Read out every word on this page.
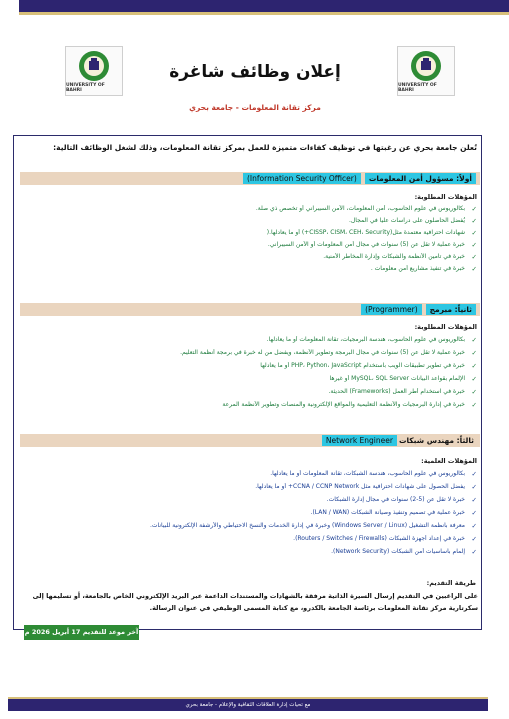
UNIVERSITY OF BAHRI
UNIVERSITY OF BAHRI
إعلان وظائف شاغرة
مركز تقانة المعلومات - جامعة بحري
تُعلن جامعة بحري عن رغبتها في توظيف كفاءات متميزة للعمل بمركز تقانة المعلومات، وذلك لشغل الوظائف التالية:
أولاً: مسؤول أمن المعلومات
(Information Security Officer)
المؤهلات المطلوبة:
✓
بكالوريوس في علوم الحاسوب، أمن المعلومات، الأمن السيبراني أو تخصص ذي صلة.
✓
يُفضل الحاصلون على دراسات عليا في المجال.
✓
شهادات احترافية معتمدة مثل(CISSP، CISM، CEH، Security+) أو ما يعادلها.(
✓
خبرة عملية لا تقل عن (5) سنوات في مجال أمن المعلومات أو الأمن السيبراني.
✓
خبرة في تأمين الأنظمة والشبكات وإدارة المخاطر الأمنية.
✓
خبرة في تنفيذ مشاريع أمن معلومات .
ثانياً: مبرمج
(Programmer)
المؤهلات المطلوبة:
✓
بكالوريوس في علوم الحاسوب، هندسة البرمجيات، تقانة المعلومات أو ما يعادلها.
✓
خبرة عملية لا تقل عن (5) سنوات في مجال البرمجة وتطوير الأنظمة، ويفضل من له خبرة في برمجة أنظمة التعليم.
✓
خبرة في تطوير تطبيقات الويب باستخدام PHP، Python، JavaScript أو ما يعادلها
✓
الإلمام بقواعد البيانات MySQL، SQL Server أو غيرها
✓
خبرة في استخدام أطر العمل (Frameworks) الحديثة.
✓
خبرة في إدارة البرمجيات والأنظمة التعليمية والمواقع الإلكترونية والمنصات وتطوير الأنظمة المرعة
ثالثاً: مهندس شبكات
Network Engineer
المؤهلات العلمية:
✓
بكالوريوس في علوم الحاسوب، هندسة الشبكات، تقانة المعلومات أو ما يعادلها.
✓
يفضل الحصول على شهادات احترافية مثل CCNA / CCNP Network+ أو ما يعادلها.
✓
خبرة لا تقل عن (5-2) سنوات في مجال إدارة الشبكات.
✓
خبرة عملية في تصميم وتنفيذ وصيانة الشبكات (LAN / WAN).
✓
معرفة بأنظمة التشغيل (Windows Server / Linux) وخبرة في إدارة الخدمات والنسخ الاحتياطي والأرشفة الإلكترونية للبيانات.
✓
خبرة في إعداد أجهزة الشبكات (Routers / Switches / Firewalls).
✓
إلمام بأساسيات أمن الشبكات (Network Security).
طريقة التقديم:
على الراغبين في التقديم إرسال السيرة الذاتية مرفقة بالشهادات والمستندات الداعمة عبر البريد الإلكتروني الخاص بالجامعة، أو تسليمها إلى سكرتارية مركز تقانة المعلومات برئاسة الجامعة بالكدرو، مع كتابة المسمى الوظيفي في عنوان الرسالة.
آخر موعد للتقديم 17 أبريل 2026 م
مع تحيات إدارة العلاقات الثقافية والإعلام - جامعة بحري
